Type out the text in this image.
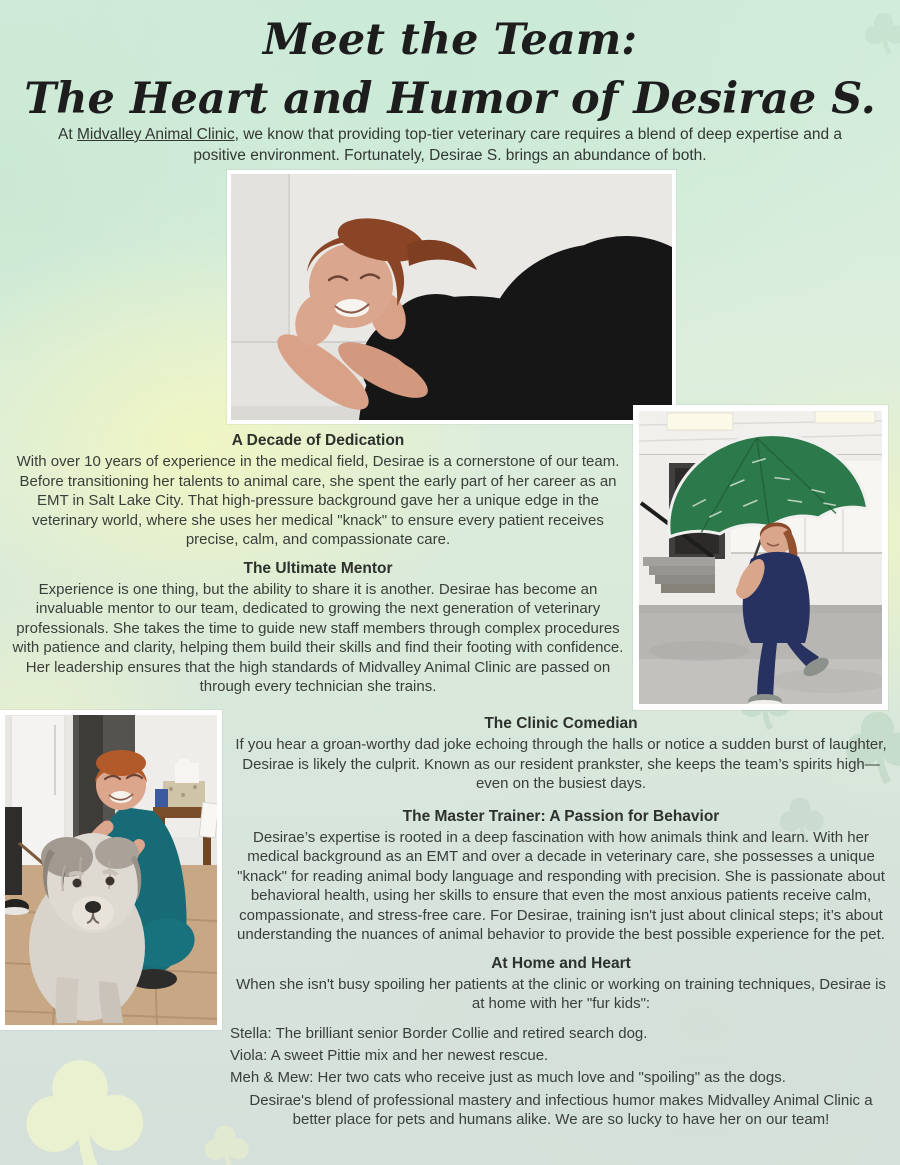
Meet the Team:
The Heart and Humor of Desirae S.
At Midvalley Animal Clinic, we know that providing top-tier veterinary care requires a blend of deep expertise and a positive environment. Fortunately, Desirae S. brings an abundance of both.
A Decade of Dedication

With over 10 years of experience in the medical field, Desirae is a cornerstone of our team. Before transitioning her talents to animal care, she spent the early part of her career as an EMT in Salt Lake City. That high-pressure background gave her a unique edge in the veterinary world, where she uses her medical "knack" to ensure every patient receives precise, calm, and compassionate care.

The Ultimate Mentor

Experience is one thing, but the ability to share it is another. Desirae has become an invaluable mentor to our team, dedicated to growing the next generation of veterinary professionals. She takes the time to guide new staff members through complex procedures with patience and clarity, helping them build their skills and find their footing with confidence. Her leadership ensures that the high standards of Midvalley Animal Clinic are passed on through every technician she trains.

The Clinic Comedian

If you hear a groan-worthy dad joke echoing through the halls or notice a sudden burst of laughter, Desirae is likely the culprit. Known as our resident prankster, she keeps the team’s spirits high—even on the busiest days.

The Master Trainer: A Passion for Behavior

Desirae’s expertise is rooted in a deep fascination with how animals think and learn. With her medical background as an EMT and over a decade in veterinary care, she possesses a unique "knack" for reading animal body language and responding with precision. She is passionate about behavioral health, using her skills to ensure that even the most anxious patients receive calm, compassionate, and stress-free care. For Desirae, training isn't just about clinical steps; it’s about understanding the nuances of animal behavior to provide the best possible experience for the pet.

At Home and Heart

When she isn't busy spoiling her patients at the clinic or working on training techniques, Desirae is at home with her "fur kids":

Stella: The brilliant senior Border Collie and retired search dog.
Viola: A sweet Pittie mix and her newest rescue.
Meh & Mew: Her two cats who receive just as much love and "spoiling" as the dogs.

Desirae's blend of professional mastery and infectious humor makes Midvalley Animal Clinic a better place for pets and humans alike. We are so lucky to have her on our team!
